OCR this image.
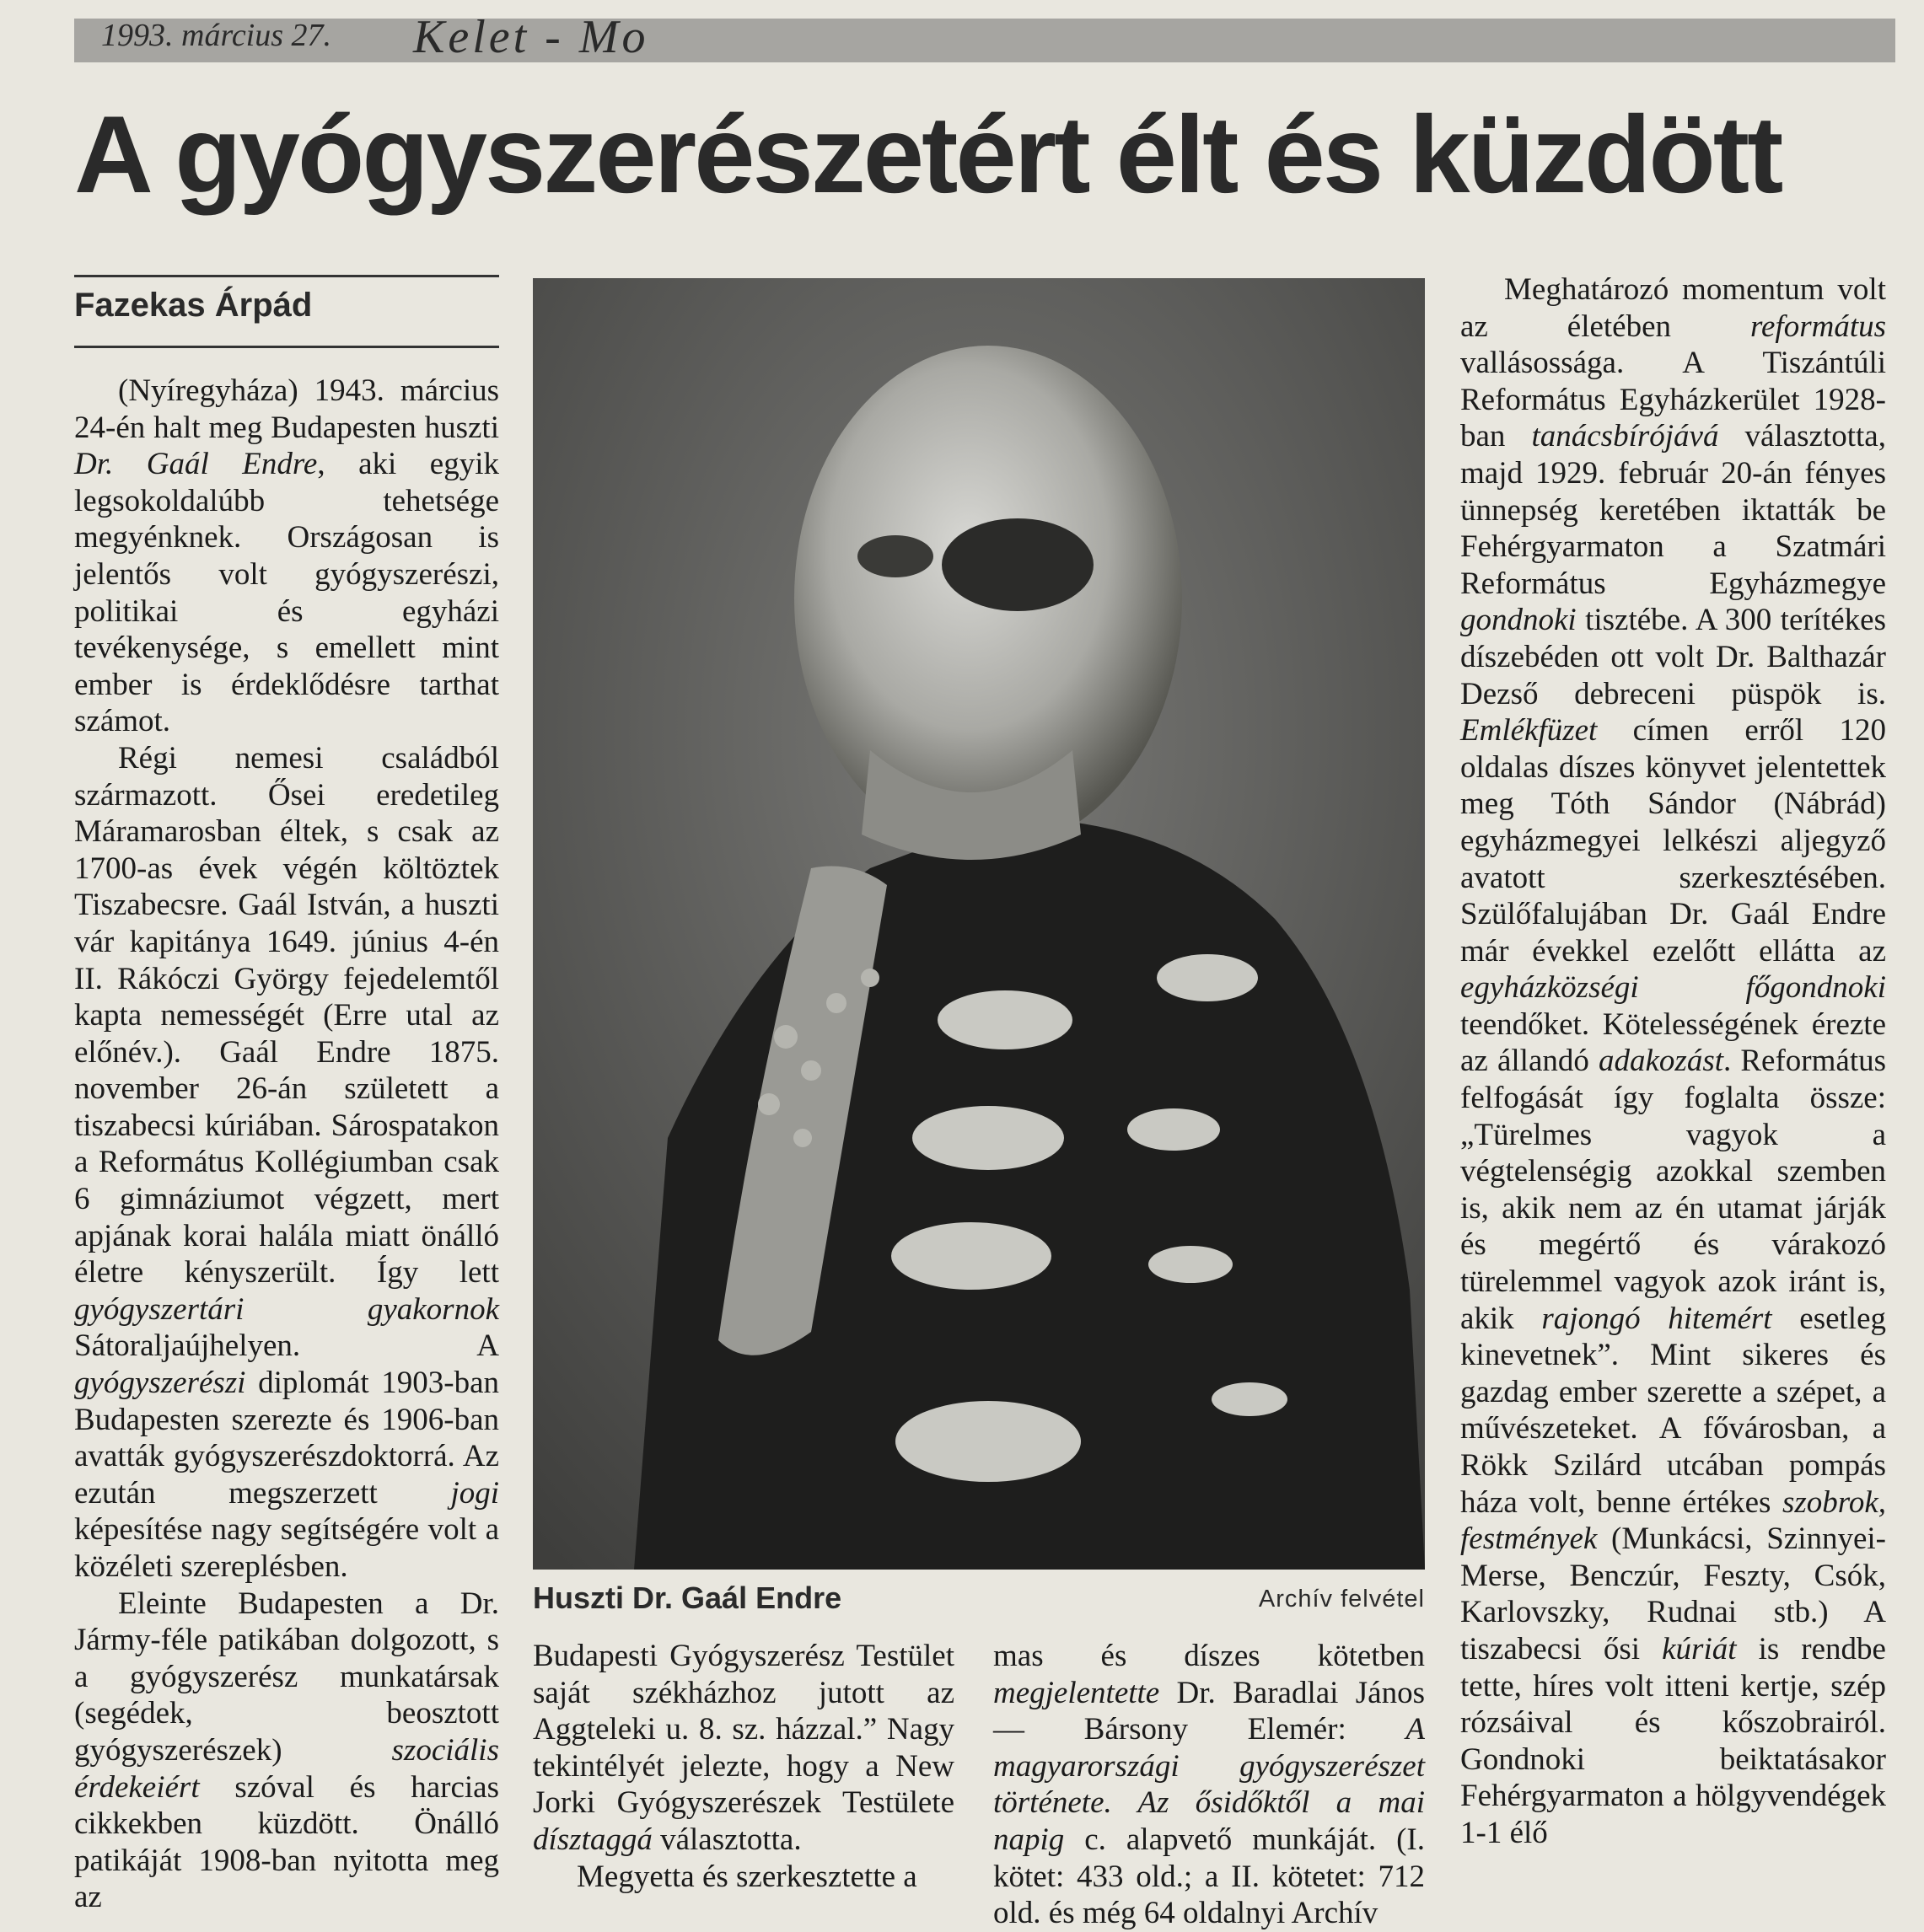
1993. március 27. Kelet - Mo
A gyógyszerészetért élt és küzdött
Fazekas Árpád

(Nyíregyháza) 1943. március 24-én halt meg Budapesten huszti Dr. Gaál Endre, aki egyik legsokoldalúbb tehetsége megyénknek. Országosan is jelentős volt gyógyszerészi, politikai és egyházi tevékenysége, s emellett mint ember is érdeklődésre tarthat számot.

Régi nemesi családból származott. Ősei eredetileg Máramarosban éltek, s csak az 1700-as évek végén költöztek Tiszabecsre. Gaál István, a huszti vár kapitánya 1649. június 4-én II. Rákóczi György fejedelemtől kapta nemességét (Erre utal az előnév.). Gaál Endre 1875. november 26-án született a tiszabecsi kúriában. Sárospatakon a Református Kollégiumban csak 6 gimnáziumot végzett, mert apjának korai halála miatt önálló életre kényszerült. Így lett gyógyszertári gyakornok Sátoraljaújhelyen. A gyógyszerészi diplomát 1903-ban Budapesten szerezte és 1906-ban avatták gyógyszerészdoktorrá. Az ezután megszerzett jogi képesítése nagy segítségére volt a közéleti szereplésben.

Eleinte Budapesten a Dr. Jármy-féle patikában dolgozott, s a gyógyszerész munkatársak (segédek, beosztott gyógyszerészek) szociális érdekeiért szóval és harcias cikkekben küzdött. Önálló patikáját 1908-ban nyitotta meg az

Huszti Dr. Gaál Endre	Archív felvétel

Budapesti Gyógyszerész Testület saját székházhoz jutott az Aggteleki u. 8. sz. házzal.” Nagy tekintélyét jelezte, hogy a New Jorki Gyógyszerészek Testülete dísztaggá választotta.

Megyetta és szerkesztette a

mas és díszes kötetben megjelentette Dr. Baradlai János — Bársony Elemér: A magyarországi gyógyszerészet története. Az ősidőktől a mai napig c. alapvető munkáját. (I. kötet: 433 old.; a II. kötetet: 712 old. és még 64 oldalnyi Archív

Meghatározó momentum volt az életében református vallásossága. A Tiszántúli Református Egyházkerület 1928-ban tanácsbírójává választotta, majd 1929. február 20-án fényes ünnepség keretében iktatták be Fehérgyarmaton a Szatmári Református Egyházmegye gondnoki tisztébe. A 300 terítékes díszebéden ott volt Dr. Balthazár Dezső debreceni püspök is. Emlékfüzet címen erről 120 oldalas díszes könyvet jelentettek meg Tóth Sándor (Nábrád) egyházmegyei lelkészi aljegyző avatott szerkesztésében. Szülőfalujában Dr. Gaál Endre már évekkel ezelőtt ellátta az egyházközségi főgondnoki teendőket. Kötelességének érezte az állandó adakozást. Református felfogását így foglalta össze: „Türelmes vagyok a végtelenségig azokkal szemben is, akik nem az én utamat járják és megértő és várakozó türelemmel vagyok azok iránt is, akik rajongó hitemért esetleg kinevetnek”. Mint sikeres és gazdag ember szerette a szépet, a művészeteket. A fővárosban, a Rökk Szilárd utcában pompás háza volt, benne értékes szobrok, festmények (Munkácsi, Szinnyei-Merse, Benczúr, Feszty, Csók, Karlovszky, Rudnai stb.) A tiszabecsi ősi kúriát is rendbe tette, híres volt itteni kertje, szép rózsáival és kőszobrairól. Gondnoki beiktatásakor Fehérgyarmaton a hölgyvendégek 1-1 élő
